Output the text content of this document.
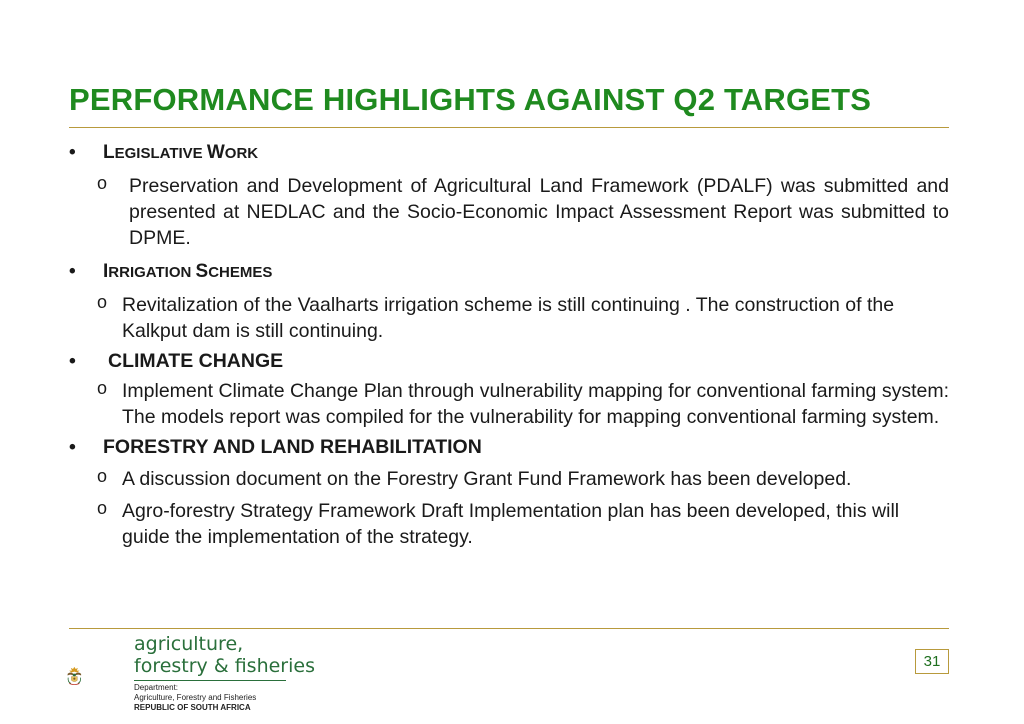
PERFORMANCE HIGHLIGHTS AGAINST Q2 TARGETS
• LEGISLATIVE WORK
o Preservation and Development of Agricultural Land Framework (PDALF) was submitted and presented at NEDLAC and the Socio-Economic Impact Assessment Report was submitted to DPME.
• IRRIGATION SCHEMES
o Revitalization of the Vaalharts irrigation scheme is still continuing . The construction of the Kalkput dam is still continuing.
• CLIMATE CHANGE
o Implement Climate Change Plan through vulnerability mapping for conventional farming system: The models report was compiled for the vulnerability for mapping conventional farming system.
• FORESTRY AND LAND REHABILITATION
o A discussion document on the Forestry Grant Fund Framework has been developed.
o Agro-forestry Strategy Framework Draft Implementation plan has been developed, this will guide the implementation of the strategy.
agriculture,
forestry & fisheries
Department:
Agriculture, Forestry and Fisheries
REPUBLIC OF SOUTH AFRICA
31
